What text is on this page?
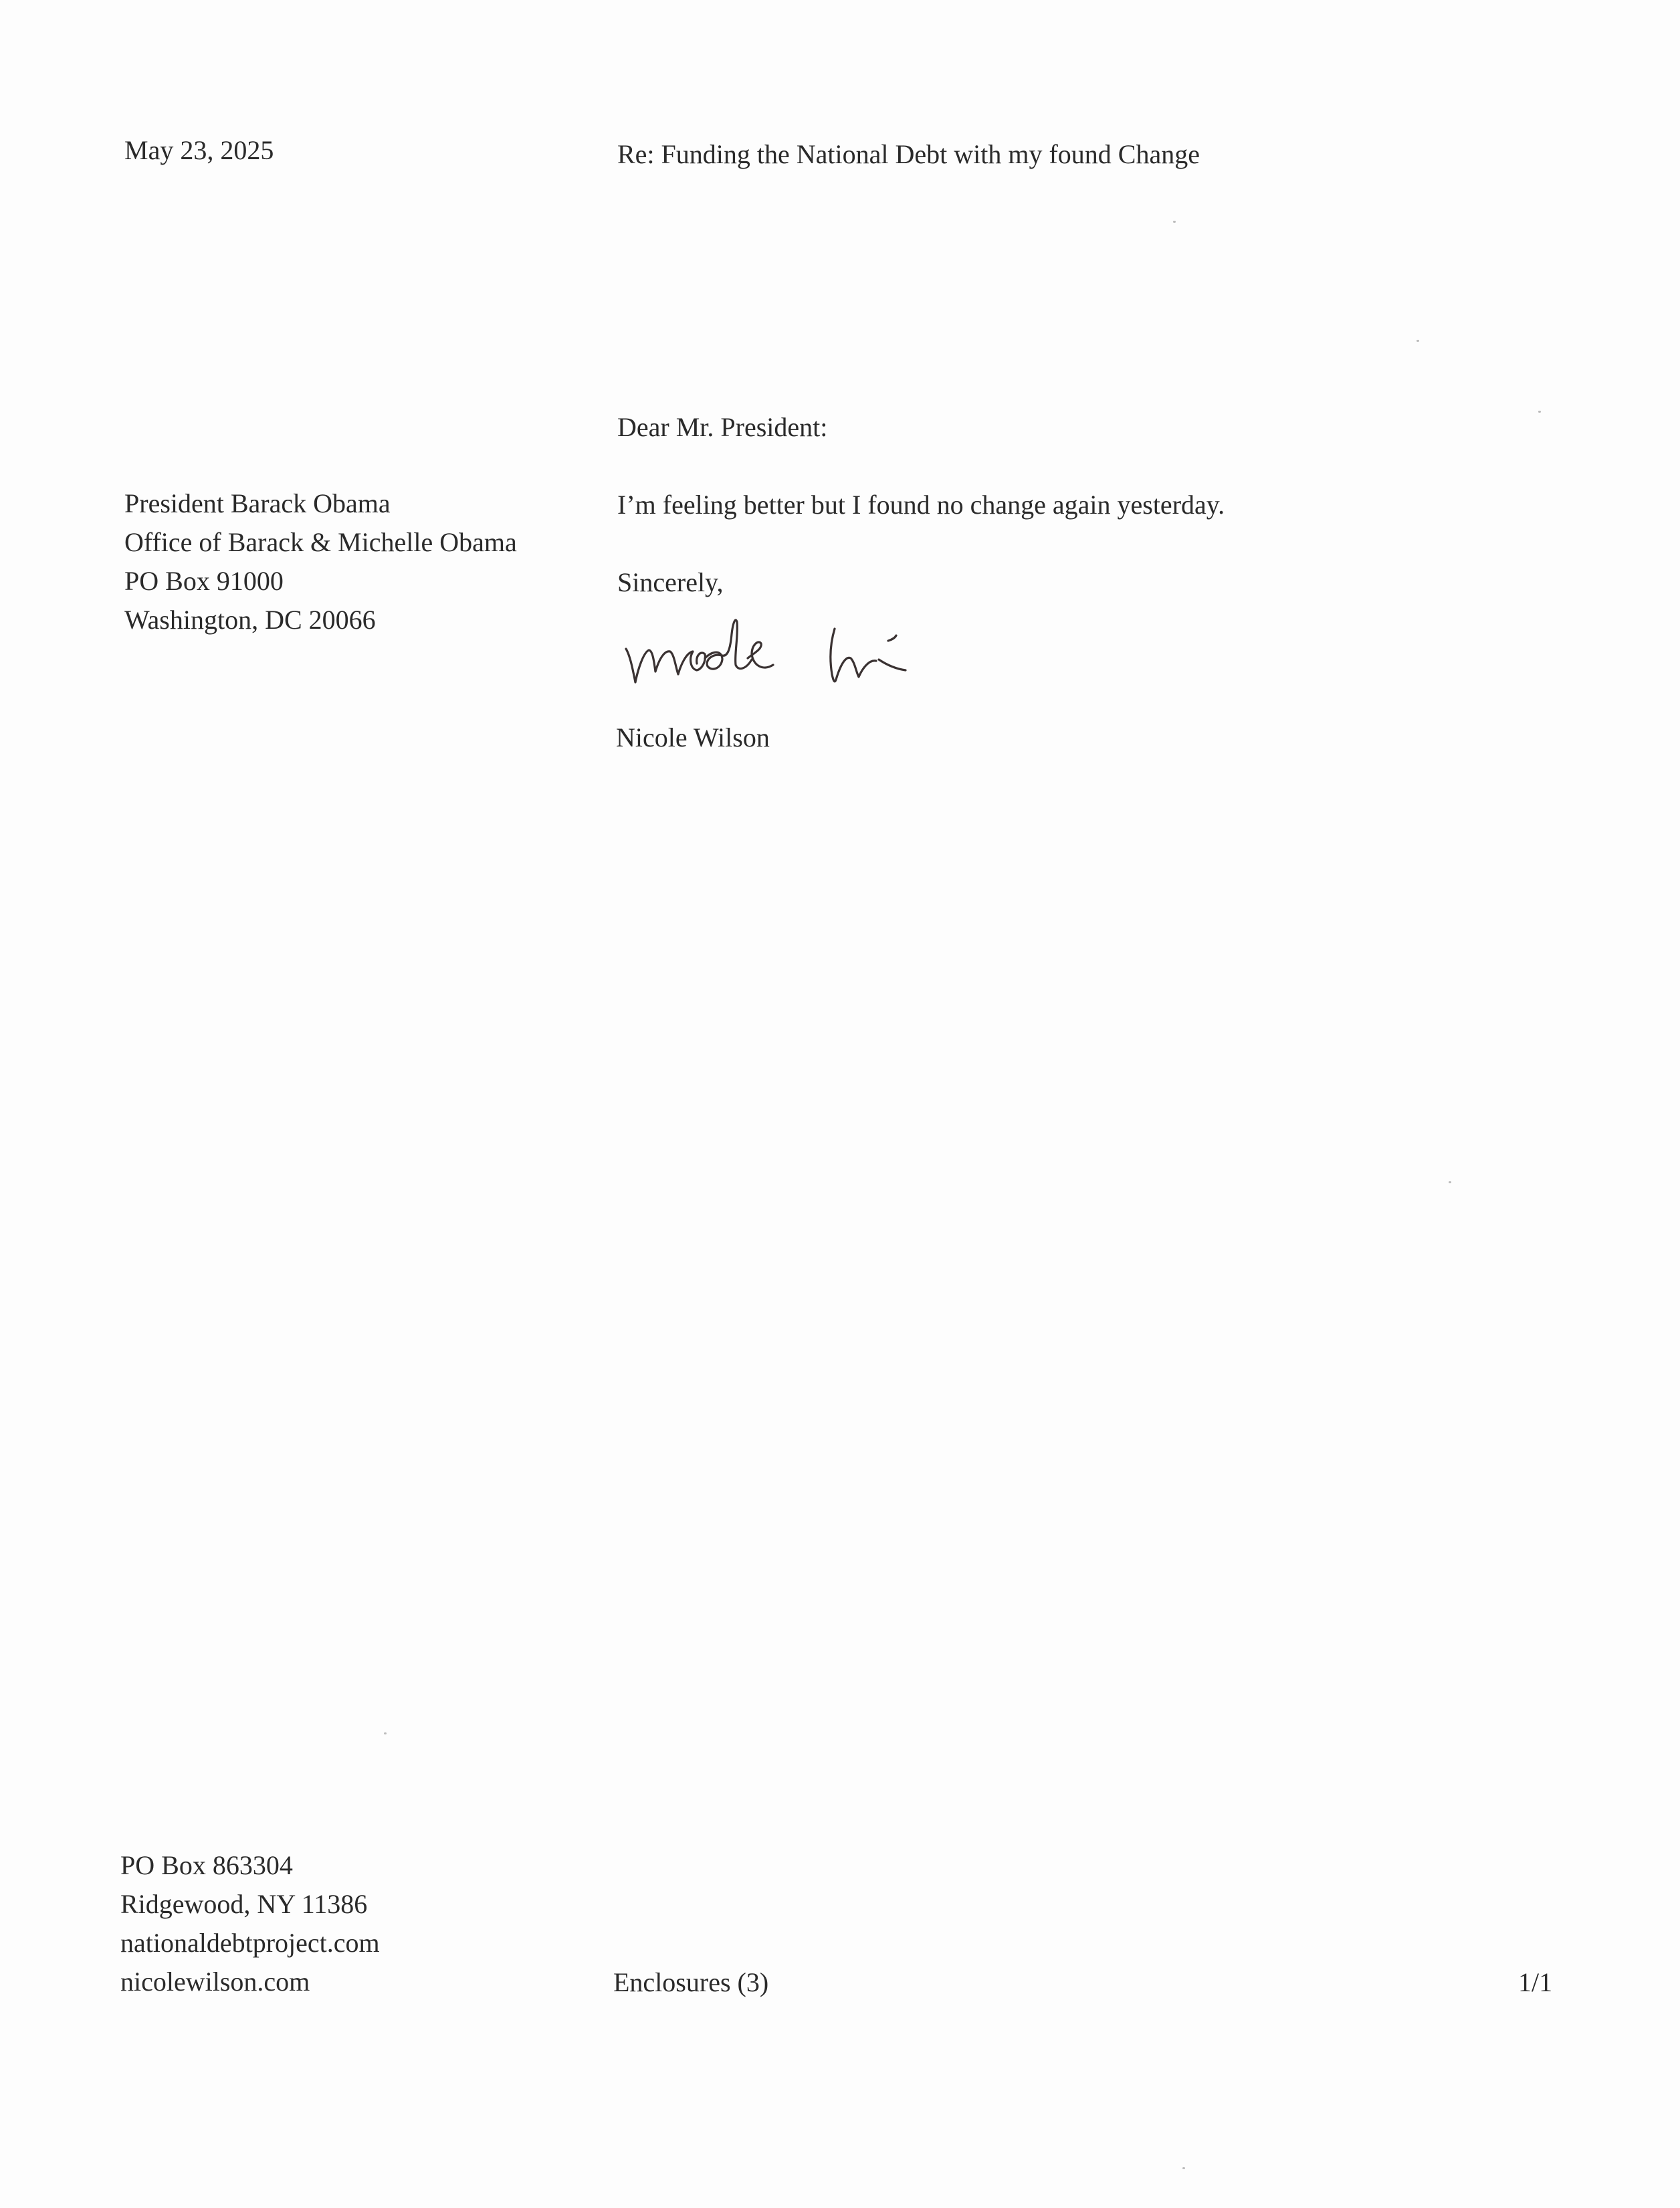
May 23, 2025	Re: Funding the National Debt with my found Change

Dear Mr. President:

President Barack Obama
Office of Barack & Michelle Obama
PO Box 91000
Washington, DC 20066

I’m feeling better but I found no change again yesterday.

Sincerely,

Nicole Wilson

PO Box 863304
Ridgewood, NY 11386
nationaldebtproject.com
nicolewilson.com	Enclosures (3)	1/1
